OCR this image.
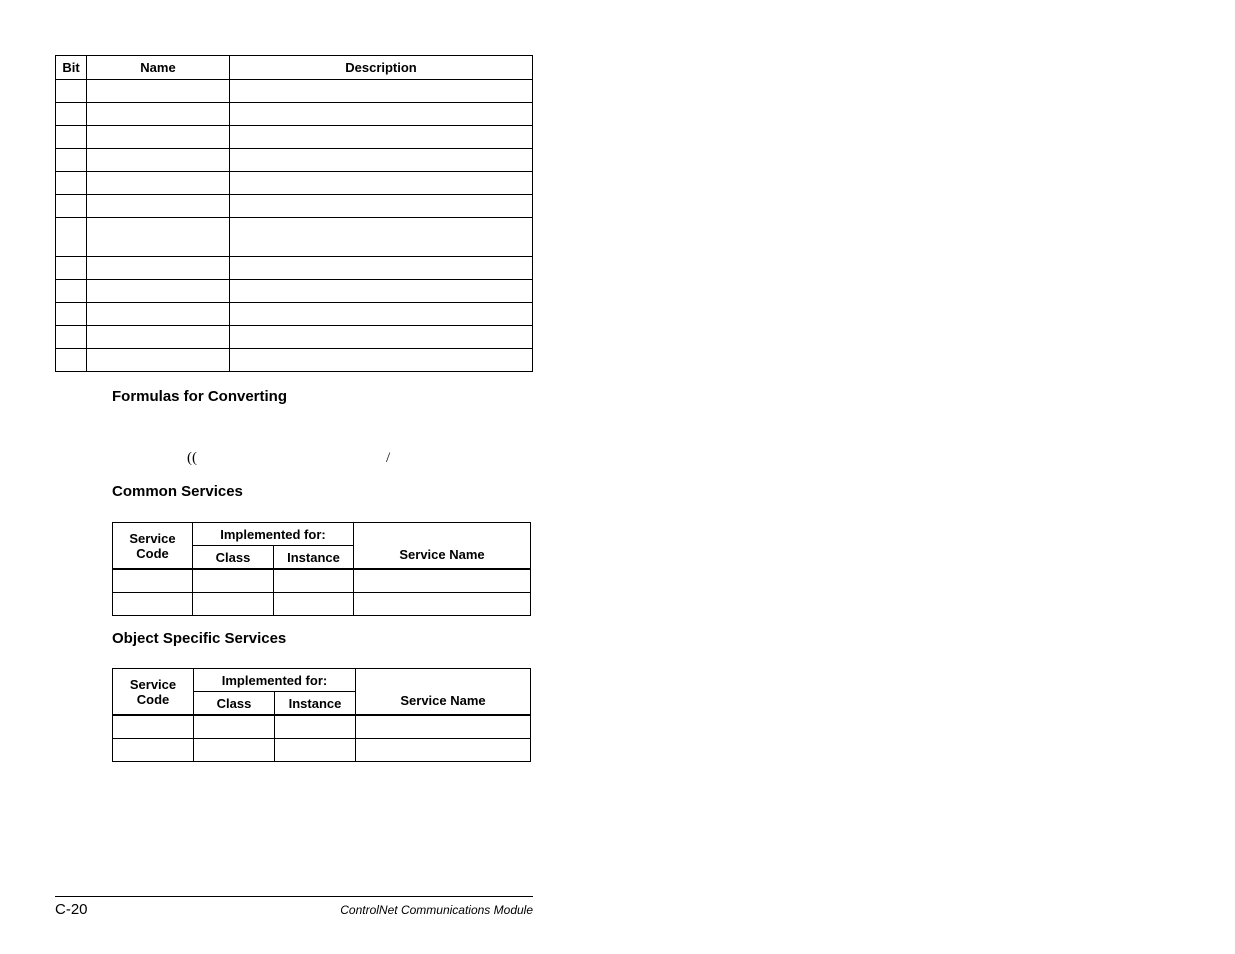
Bit	Name	Description

Formulas for Converting
((	/
Common Services
Service Code	Implemented for:		Service Name
	Class	Instance	

Object Specific Services
Service Code	Implemented for:		Service Name
	Class	Instance	

C-20	ControlNet Communications Module
